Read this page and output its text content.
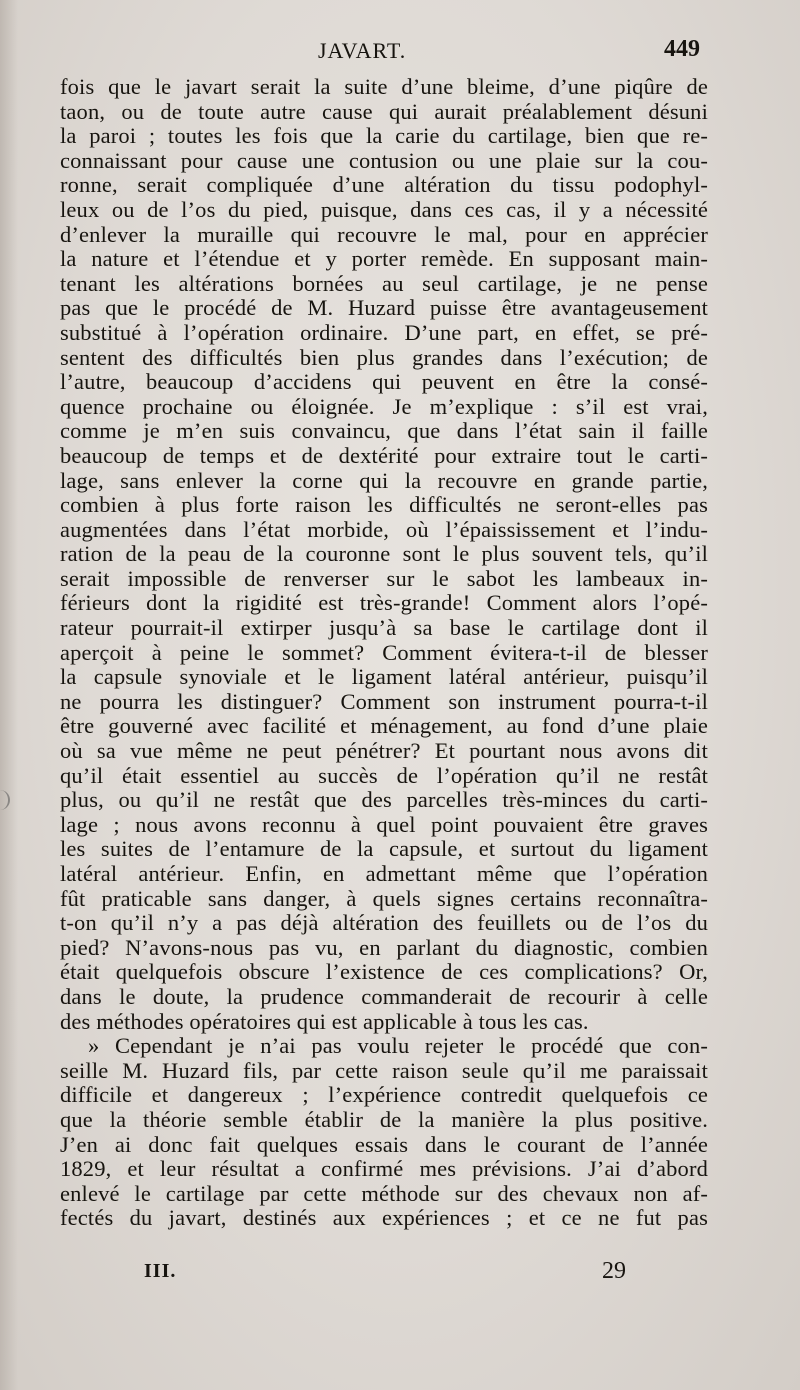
JAVART.	449
fois que le javart serait la suite d’une bleime, d’une piqûre de
taon, ou de toute autre cause qui aurait préalablement désuni
la paroi ; toutes les fois que la carie du cartilage, bien que re-
connaissant pour cause une contusion ou une plaie sur la cou-
ronne, serait compliquée d’une altération du tissu podophyl-
leux ou de l’os du pied, puisque, dans ces cas, il y a nécessité
d’enlever la muraille qui recouvre le mal, pour en apprécier
la nature et l’étendue et y porter remède. En supposant main-
tenant les altérations bornées au seul cartilage, je ne pense
pas que le procédé de M. Huzard puisse être avantageusement
substitué à l’opération ordinaire. D’une part, en effet, se pré-
sentent des difficultés bien plus grandes dans l’exécution; de
l’autre, beaucoup d’accidens qui peuvent en être la consé-
quence prochaine ou éloignée. Je m’explique : s’il est vrai,
comme je m’en suis convaincu, que dans l’état sain il faille
beaucoup de temps et de dextérité pour extraire tout le carti-
lage, sans enlever la corne qui la recouvre en grande partie,
combien à plus forte raison les difficultés ne seront-elles pas
augmentées dans l’état morbide, où l’épaississement et l’indu-
ration de la peau de la couronne sont le plus souvent tels, qu’il
serait impossible de renverser sur le sabot les lambeaux in-
férieurs dont la rigidité est très-grande! Comment alors l’opé-
rateur pourrait-il extirper jusqu’à sa base le cartilage dont il
aperçoit à peine le sommet? Comment évitera-t-il de blesser
la capsule synoviale et le ligament latéral antérieur, puisqu’il
ne pourra les distinguer? Comment son instrument pourra-t-il
être gouverné avec facilité et ménagement, au fond d’une plaie
où sa vue même ne peut pénétrer? Et pourtant nous avons dit
qu’il était essentiel au succès de l’opération qu’il ne restât
plus, ou qu’il ne restât que des parcelles très-minces du carti-
lage ; nous avons reconnu à quel point pouvaient être graves
les suites de l’entamure de la capsule, et surtout du ligament
latéral antérieur. Enfin, en admettant même que l’opération
fût praticable sans danger, à quels signes certains reconnaîtra-
t-on qu’il n’y a pas déjà altération des feuillets ou de l’os du
pied? N’avons-nous pas vu, en parlant du diagnostic, combien
était quelquefois obscure l’existence de ces complications? Or,
dans le doute, la prudence commanderait de recourir à celle
des méthodes opératoires qui est applicable à tous les cas.
» Cependant je n’ai pas voulu rejeter le procédé que con-
seille M. Huzard fils, par cette raison seule qu’il me paraissait
difficile et dangereux ; l’expérience contredit quelquefois ce
que la théorie semble établir de la manière la plus positive.
J’en ai donc fait quelques essais dans le courant de l’année
1829, et leur résultat a confirmé mes prévisions. J’ai d’abord
enlevé le cartilage par cette méthode sur des chevaux non af-
fectés du javart, destinés aux expériences ; et ce ne fut pas
III.	29
